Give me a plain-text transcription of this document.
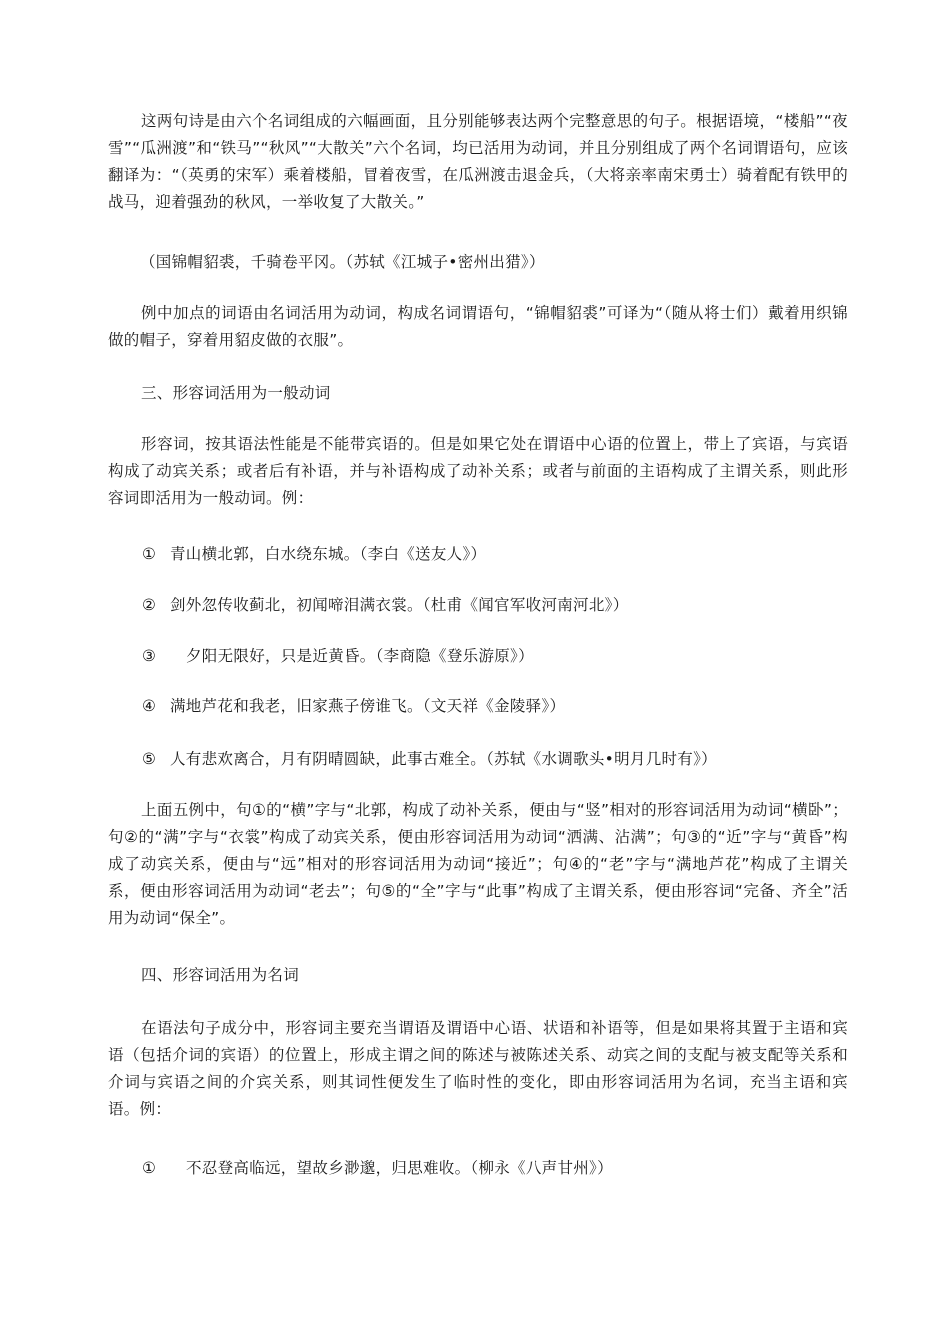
这两句诗是由六个名词组成的六幅画面，且分别能够表达两个完整意思的句子。根据语境，“楼船”“夜雪”“瓜洲渡”和“铁马”“秋风”“大散关”六个名词，均已活用为动词，并且分别组成了两个名词谓语句，应该翻译为：“（英勇的宋军）乘着楼船，冒着夜雪，在瓜洲渡击退金兵，（大将亲率南宋勇士）骑着配有铁甲的战马，迎着强劲的秋风，一举收复了大散关。”

（国锦帽貂裘，千骑卷平冈。（苏轼《江城子•密州出猎》）

例中加点的词语由名词活用为动词，构成名词谓语句，“锦帽貂裘”可译为“（随从将士们）戴着用织锦做的帽子，穿着用貂皮做的衣服”。

三、形容词活用为一般动词

形容词，按其语法性能是不能带宾语的。但是如果它处在谓语中心语的位置上，带上了宾语，与宾语构成了动宾关系；或者后有补语，并与补语构成了动补关系；或者与前面的主语构成了主谓关系，则此形容词即活用为一般动词。例：

① 青山横北郭，白水绕东城。（李白《送友人》）

② 剑外忽传收蓟北，初闻啼泪满衣裳。（杜甫《闻官军收河南河北》）

③ 夕阳无限好，只是近黄昏。（李商隐《登乐游原》）

④ 满地芦花和我老，旧家燕子傍谁飞。（文天祥《金陵驿》）

⑤ 人有悲欢离合，月有阴晴圆缺，此事古难全。（苏轼《水调歌头•明月几时有》）

上面五例中，句①的“横”字与“北郭，构成了动补关系，便由与“竖”相对的形容词活用为动词“横卧”；句②的“满”字与“衣裳”构成了动宾关系，便由形容词活用为动词“洒满、沾满”；句③的“近”字与“黄昏”构成了动宾关系，便由与“远”相对的形容词活用为动词“接近”；句④的“老”字与“满地芦花”构成了主谓关系，便由形容词活用为动词“老去”；句⑤的“全”字与“此事”构成了主谓关系，便由形容词“完备、齐全”活用为动词“保全”。

四、形容词活用为名词

在语法句子成分中，形容词主要充当谓语及谓语中心语、状语和补语等，但是如果将其置于主语和宾语（包括介词的宾语）的位置上，形成主谓之间的陈述与被陈述关系、动宾之间的支配与被支配等关系和介词与宾语之间的介宾关系，则其词性便发生了临时性的变化，即由形容词活用为名词，充当主语和宾语。例：

① 不忍登高临远，望故乡渺邈，归思难收。（柳永《八声甘州》）
